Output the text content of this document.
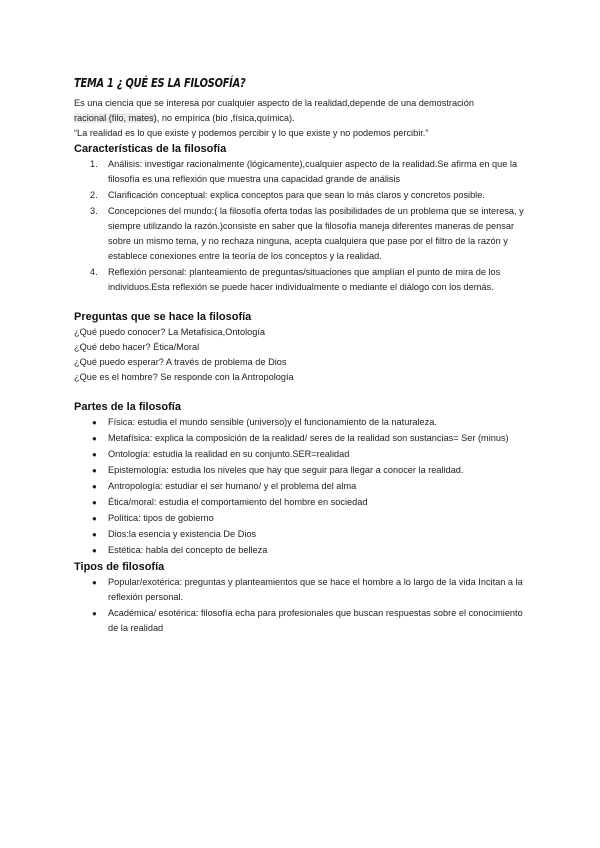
TEMA 1 ¿ QUÉ ES LA FILOSOFÍA?

Es una ciencia que se interesa por cualquier aspecto de la realidad,depende de una demostración

racional (filo, mates), no empírica (bio ,física,química).

“La realidad es lo que existe y podemos percibir y lo que existe y no podemos percibir.”

Características de la filosofía
1.	Análisis: investigar racionalmente (lógicamente),cualquier aspecto de la realidad.Se afirma en que la filosofía es una reflexión que muestra una capacidad grande de análisis
2.	Clarificación conceptual: explica conceptos para que sean lo más claros y concretos posible.
3.	Concepciones del mundo:( la filosofía oferta todas las posibilidades de un problema que se interesa, y siempre utilizando la razón.)consiste en saber que la filosofía maneja diferentes maneras de pensar sobre un mismo tema, y no rechaza ninguna, acepta cualquiera que pase por el filtro de la razón y establece conexiones entre la teoría de los conceptos y la realidad.
4.	Reflexión personal: planteamiento de preguntas/situaciones que amplían el punto de mira de los individuos.Esta reflexión se puede hacer individualmente o mediante el diálogo con los demás.
Preguntas que se hace la filosofía

¿Qué puedo conocer? La Metafísica,Ontología

¿Qué debo hacer? Ética/Moral

¿Qué puedo esperar? A través de problema de Dios

¿Que es el hombre? Se responde con la Antropología

Partes de la filosofía
● Física: estudia el mundo sensible (universo)y el funcionamiento de la naturaleza.
● Metafísica: explica la composición de la realidad/ seres de la realidad son sustancias= Ser (minus)
● Ontología: estudia la realidad en su conjunto.SER=realidad
● Epistemología: estudia los niveles que hay que seguir para llegar a conocer la realidad.
● Antropología: estudiar el ser humano/ y el problema del alma
● Ética/moral: estudia el comportamiento del hombre en sociedad
● Política: tipos de gobierno
● Dios:la esencia y existencia De Dios
● Estética: habla del concepto de belleza
Tipos de filosofía
● Popular/exotérica: preguntas y planteamientos que se hace el hombre a lo largo de la vida Incitan a la reflexión personal.
● Académica/ esotérica: filosofía echa para profesionales que buscan respuestas sobre el conocimiento de la realidad
